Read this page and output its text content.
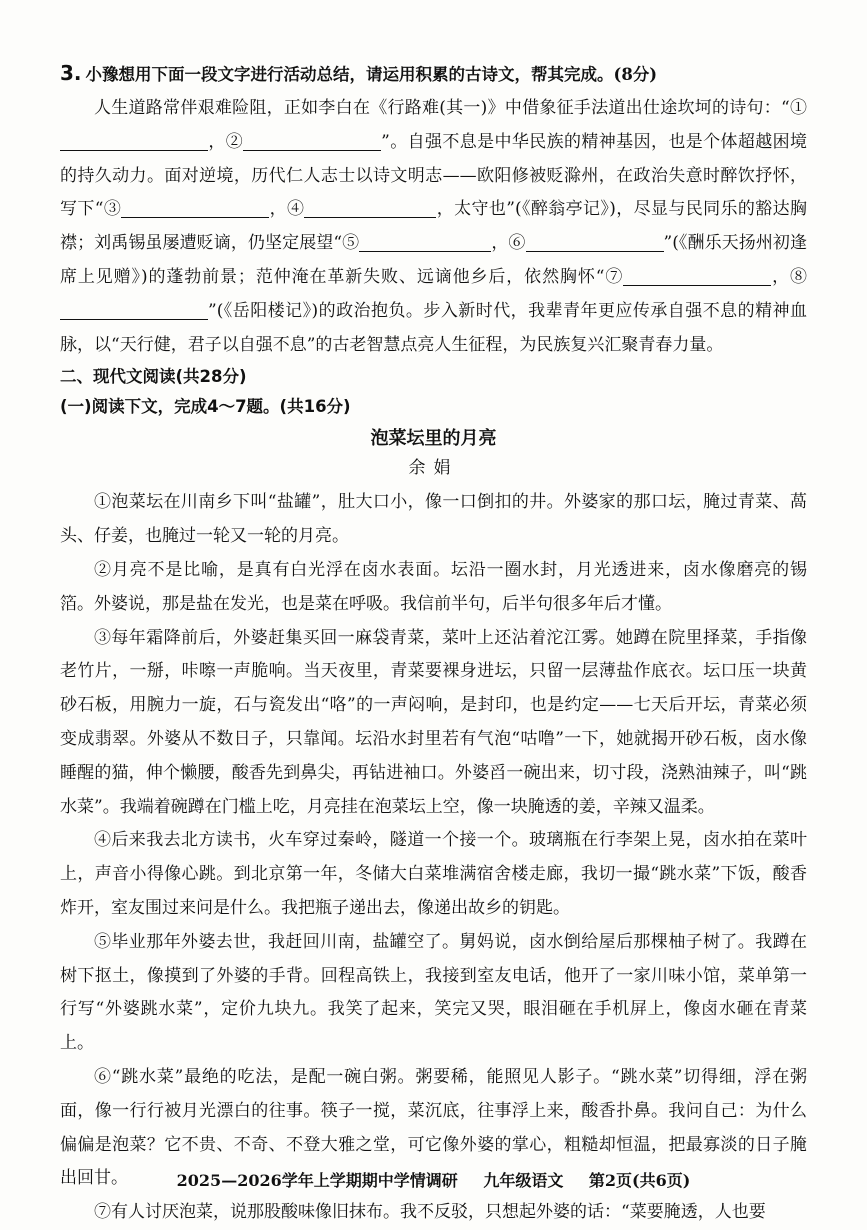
3. 小豫想用下面一段文字进行活动总结，请运用积累的古诗文，帮其完成。(8分)

人生道路常伴艰难险阻，正如李白在《行路难(其一)》中借象征手法道出仕途坎坷的诗句：“①，②	”。自强不息是中华民族的精神基因，也是个体超越困境的持久动力。面对逆境，历代仁人志士以诗文明志——欧阳修被贬滁州，在政治失意时醉饮抒怀，写下“③	，④	，太守也”(《醉翁亭记》)，尽显与民同乐的豁达胸襟；刘禹锡虽屡遭贬谪，仍坚定展望“⑤	，⑥	”(《酬乐天扬州初逢席上见赠》)的蓬勃前景；范仲淹在革新失败、远谪他乡后，依然胸怀“⑦	，⑧”(《岳阳楼记》)的政治抱负。步入新时代，我辈青年更应传承自强不息的精神血脉，以“天行健，君子以自强不息”的古老智慧点亮人生征程，为民族复兴汇聚青春力量。

二、现代文阅读(共28分)

(一)阅读下文，完成4～7题。(共16分)

泡菜坛里的月亮

余娟

①泡菜坛在川南乡下叫“盐罐”，肚大口小，像一口倒扣的井。外婆家的那口坛，腌过青菜、萵头、仔姜，也腌过一轮又一轮的月亮。

②月亮不是比喻，是真有白光浮在卤水表面。坛沿一圈水封，月光透进来，卤水像磨亮的锡箔。外婆说，那是盐在发光，也是菜在呼吸。我信前半句，后半句很多年后才懂。

③每年霜降前后，外婆赶集买回一麻袋青菜，菜叶上还沾着沱江雾。她蹲在院里择菜，手指像老竹片，一掰，咔嚓一声脆响。当天夜里，青菜要裸身进坛，只留一层薄盐作底衣。坛口压一块黄砂石板，用腕力一旋，石与瓷发出“咯”的一声闷响，是封印，也是约定——七天后开坛，青菜必须变成翡翠。外婆从不数日子，只靠闻。坛沿水封里若有气泡“咕噜”一下，她就揭开砂石板，卤水像睡醒的猫，伸个懒腰，酸香先到鼻尖，再钻进袖口。外婆舀一碗出来，切寸段，浇熟油辣子，叫“跳水菜”。我端着碗蹲在门槛上吃，月亮挂在泡菜坛上空，像一块腌透的姜，辛辣又温柔。

④后来我去北方读书，火车穿过秦岭，隧道一个接一个。玻璃瓶在行李架上晃，卤水拍在菜叶上，声音小得像心跳。到北京第一年，冬储大白菜堆满宿舍楼走廊，我切一撮“跳水菜”下饭，酸香炸开，室友围过来问是什么。我把瓶子递出去，像递出故乡的钥匙。

⑤毕业那年外婆去世，我赶回川南，盐罐空了。舅妈说，卤水倒给屋后那棵柚子树了。我蹲在树下抠土，像摸到了外婆的手背。回程高铁上，我接到室友电话，他开了一家川味小馆，菜单第一行写“外婆跳水菜”，定价九块九。我笑了起来，笑完又哭，眼泪砸在手机屏上，像卤水砸在青菜上。

⑥“跳水菜”最绝的吃法，是配一碗白粥。粥要稀，能照见人影子。“跳水菜”切得细，浮在粥面，像一行行被月光漂白的往事。筷子一搅，菜沉底，往事浮上来，酸香扑鼻。我问自己：为什么偏偏是泡菜？它不贵、不奇、不登大雅之堂，可它像外婆的掌心，粗糙却恒温，把最寡淡的日子腌出回甘。

⑦有人讨厌泡菜，说那股酸味像旧抹布。我不反驳，只想起外婆的话：“菜要腌透，人也要

2025—2026学年上学期期中学情调研 九年级语文 第2页(共6页)
